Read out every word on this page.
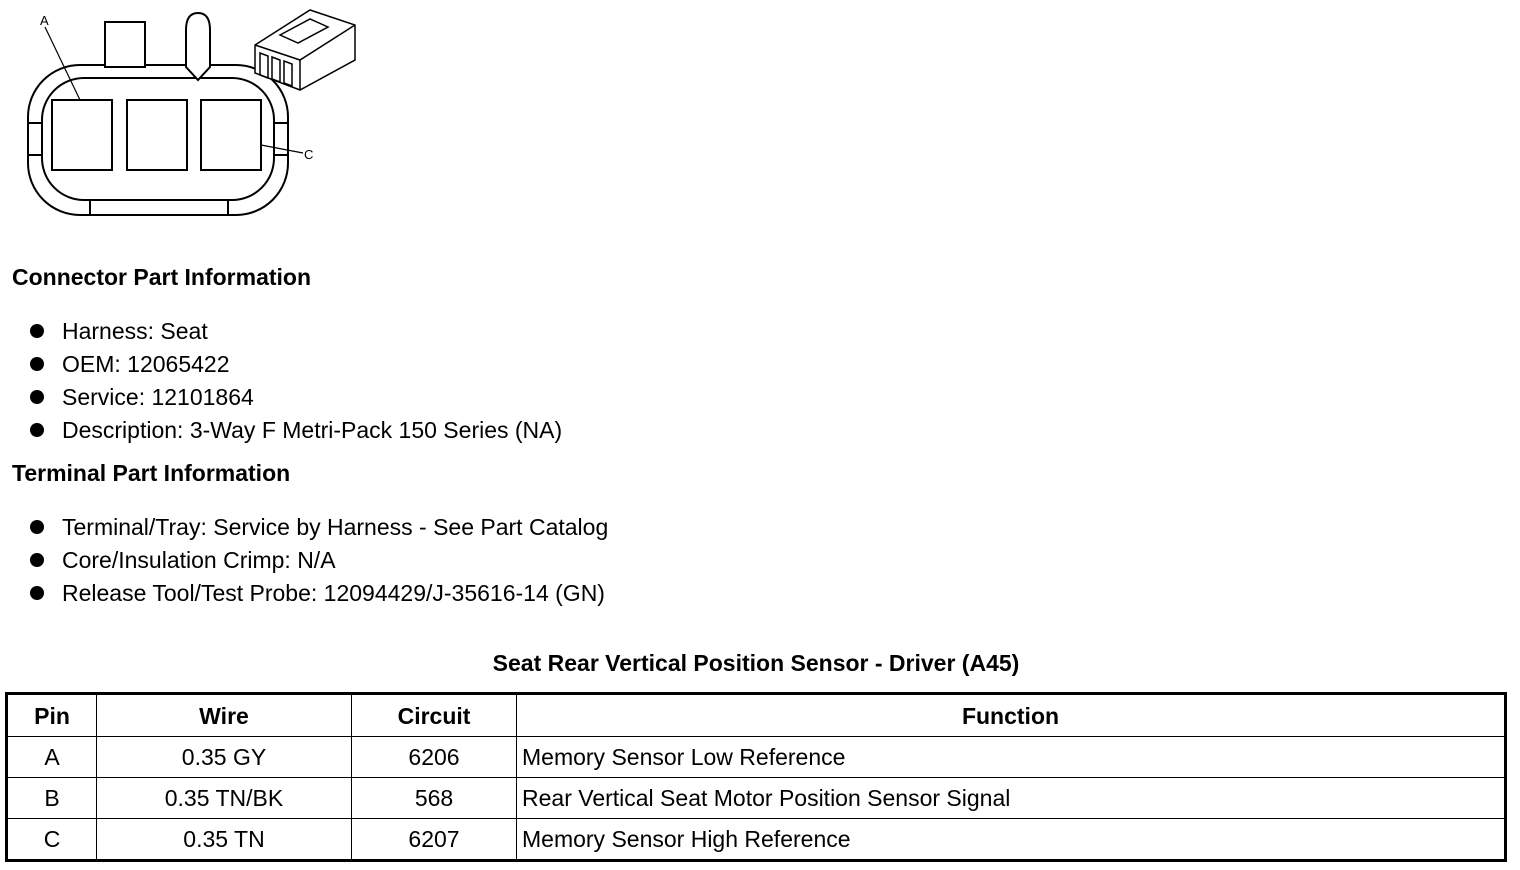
A
C
Connector Part Information
Harness: Seat
OEM: 12065422
Service: 12101864
Description: 3-Way F Metri-Pack 150 Series (NA)
Terminal Part Information
Terminal/Tray: Service by Harness - See Part Catalog
Core/Insulation Crimp: N/A
Release Tool/Test Probe: 12094429/J-35616-14 (GN)
Seat Rear Vertical Position Sensor - Driver (A45)
Pin	Wire	Circuit	Function
A	0.35 GY	6206	Memory Sensor Low Reference
B	0.35 TN/BK	568	Rear Vertical Seat Motor Position Sensor Signal
C	0.35 TN	6207	Memory Sensor High Reference
